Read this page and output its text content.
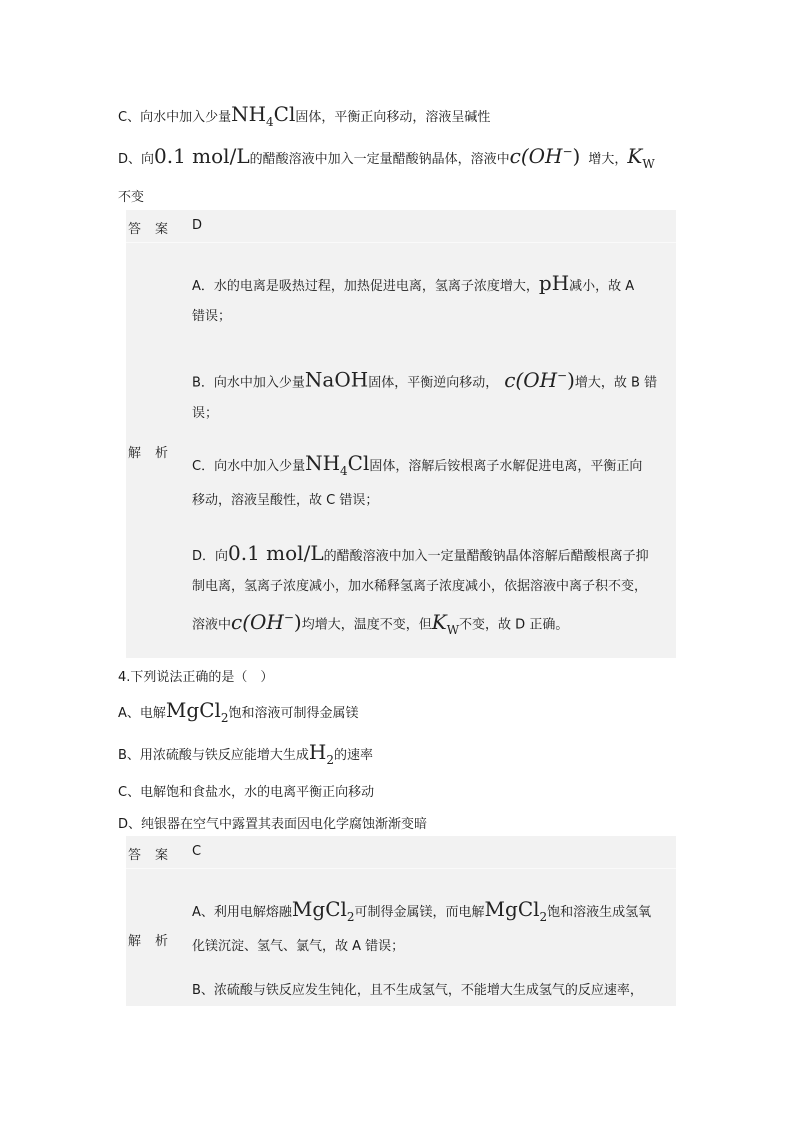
C、向水中加入少量$NH_4Cl$固体，平衡正向移动，溶液呈碱性
D、向0.1 mol/L的醋酸溶液中加入一定量醋酸钠晶体，溶液中c(OH−) 增大，$K_W$
不变
答案 D
解析
A．水的电离是吸热过程，加热促进电离，氢离子浓度增大，pH减小，故 A
错误；
B．向水中加入少量NaOH固体，平衡逆向移动， c(OH−)增大，故 B 错
误；
C．向水中加入少量$NH_4Cl$固体，溶解后铵根离子水解促进电离，平衡正向
移动，溶液呈酸性，故 C 错误；
D．向0.1 mol/L的醋酸溶液中加入一定量醋酸钠晶体溶解后醋酸根离子抑
制电离，氢离子浓度减小，加水稀释氢离子浓度减小，依据溶液中离子积不变，
溶液中c(OH−)均增大，温度不变，但$K_W$不变，故 D 正确。
4.下列说法正确的是（　）
A、电解MgCl$_2$饱和溶液可制得金属镁
B、用浓硫酸与铁反应能增大生成$H_2$的速率
C、电解饱和食盐水，水的电离平衡正向移动
D、纯银器在空气中露置其表面因电化学腐蚀渐渐变暗
答案 C
解析
A、利用电解熔融MgCl$_2$可制得金属镁，而电解MgCl$_2$饱和溶液生成氢氧
化镁沉淀、氢气、氯气，故 A 错误；
B、浓硫酸与铁反应发生钝化，且不生成氢气，不能增大生成氢气的反应速率，
